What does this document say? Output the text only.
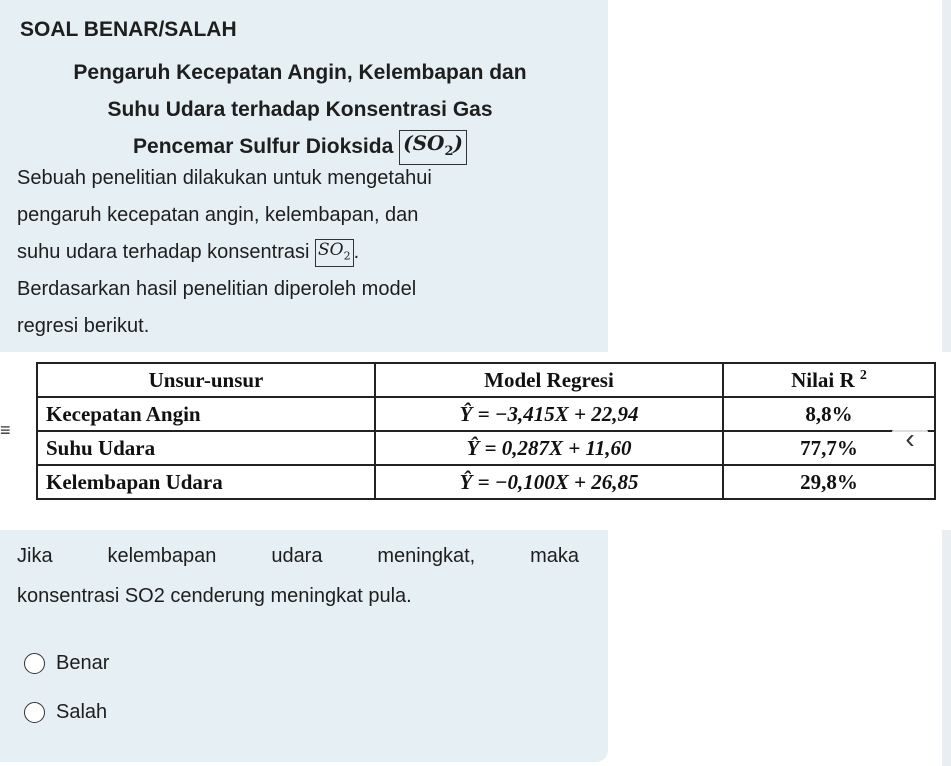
SOAL BENAR/SALAH
Pengaruh Kecepatan Angin, Kelembapan dan
Suhu Udara terhadap Konsentrasi Gas
Pencemar Sulfur Dioksida $(SO_2)$
Sebuah penelitian dilakukan untuk mengetahui
pengaruh kecepatan angin, kelembapan, dan
suhu udara terhadap konsentrasi $SO_2$ .
Berdasarkan hasil penelitian diperoleh model
regresi berikut.
Unsur-unsur	Model Regresi	Nilai R $^2$
Kecepatan Angin	Ŷ = −3,415X + 22,94	8,8%
Suhu Udara	Ŷ = 0,287X + 11,60	77,7%
Kelembapan Udara	Ŷ = −0,100X + 26,85	29,8%
≡	‹
Jika kelembapan udara meningkat, maka
konsentrasi SO2 cenderung meningkat pula.
Benar
Salah
